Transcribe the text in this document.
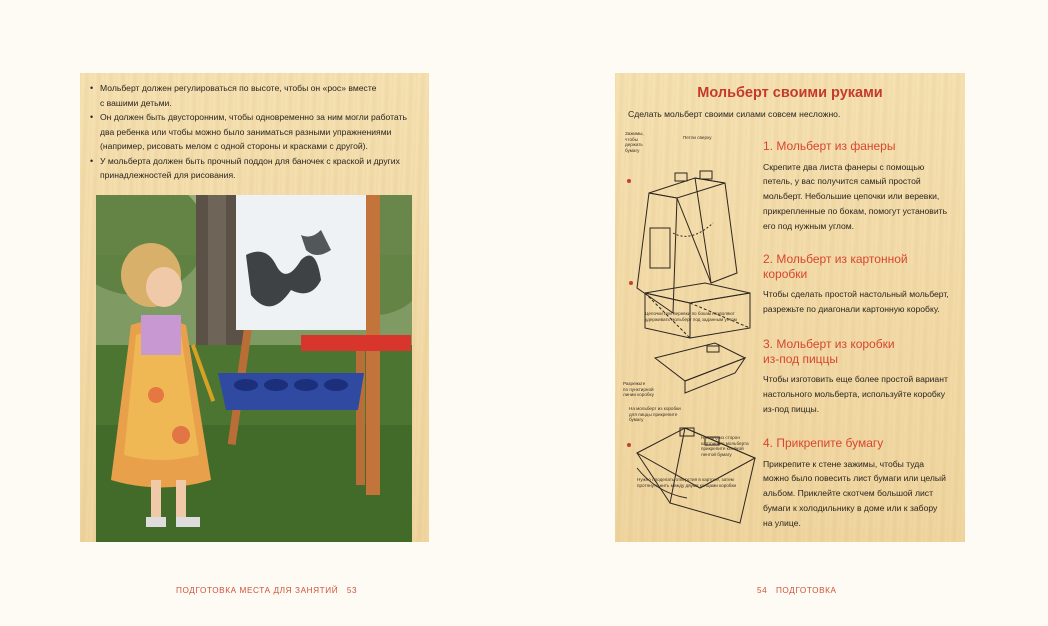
• Мольберт должен регулироваться по высоте, чтобы он «рос» вместе
с вашими детьми.
• Он должен быть двусторонним, чтобы одновременно за ним могли работать
два ребенка или чтобы можно было заниматься разными упражнениями
(например, рисовать мелом с одной стороны и красками с другой).
• У мольберта должен быть прочный поддон для баночек с краской и других
принадлежностей для рисования.
Мольберт своими руками
Сделать мольберт своими силами совсем несложно.
Зажимы,
чтобы
держать
бумагу
Петли сверху
Цепочки или веревки по бокам позволяют
удерживать мольберт под заданным углом
Разрежьте
по пунктирной
линии коробку
На одну из сторон
картонного мольберта
прикрепите клейкой
лентой бумагу
На мольберт из коробки
для пиццы прикрепите
бумагу
Нужно проделать отверстия в картоне, затем
протянуть нить между двумя концами коробки
1. Мольберт из фанеры
Скрепите два листа фанеры с помощью
петель, у вас получится самый простой
мольберт. Небольшие цепочки или веревки,
прикрепленные по бокам, помогут установить
его под нужным углом.
2. Мольберт из картонной
коробки
Чтобы сделать простой настольный мольберт,
разрежьте по диагонали картонную коробку.
3. Мольберт из коробки
из-под пиццы
Чтобы изготовить еще более простой вариант
настольного мольберта, используйте коробку
из-под пиццы.
4. Прикрепите бумагу
Прикрепите к стене зажимы, чтобы туда
можно было повесить лист бумаги или целый
альбом. Приклейте скотчем большой лист
бумаги к холодильнику в доме или к забору
на улице.
ПОДГОТОВКА МЕСТА ДЛЯ ЗАНЯТИЙ 53	54 ПОДГОТОВКА
